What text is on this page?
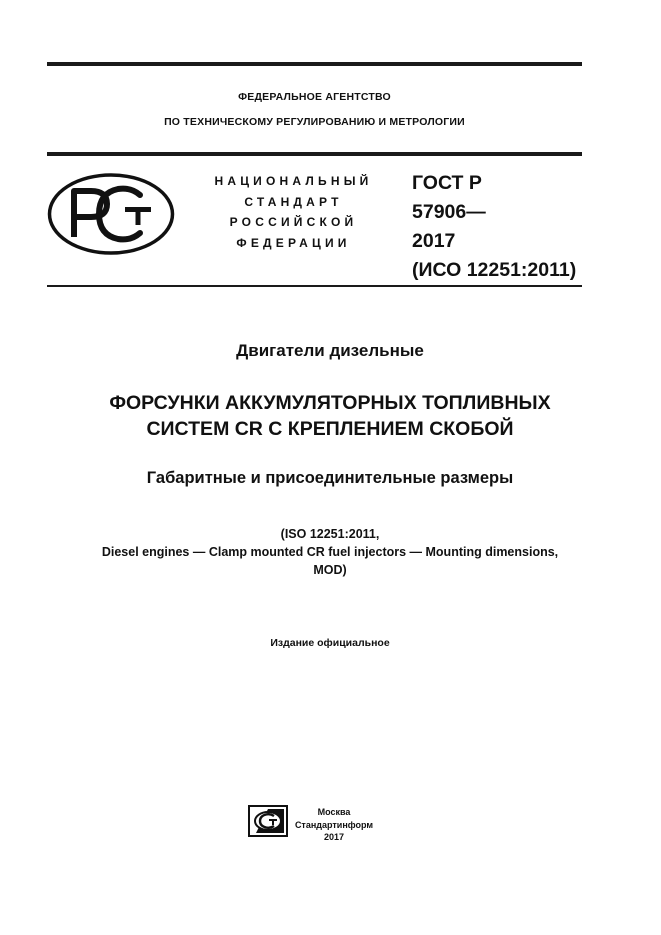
ФЕДЕРАЛЬНОЕ АГЕНТСТВО
ПО ТЕХНИЧЕСКОМУ РЕГУЛИРОВАНИЮ И МЕТРОЛОГИИ
НАЦИОНАЛЬНЫЙ
СТАНДАРТ
РОССИЙСКОЙ
ФЕДЕРАЦИИ
ГОСТ Р
57906—
2017
(ИСО 12251:2011)
Двигатели дизельные
ФОРСУНКИ АККУМУЛЯТОРНЫХ ТОПЛИВНЫХ
СИСТЕМ CR С КРЕПЛЕНИЕМ СКОБОЙ
Габаритные и присоединительные размеры
(ISO 12251:2011,
Diesel engines — Clamp mounted CR fuel injectors — Mounting dimensions,
MOD)
Издание официальное
Москва
Стандартинформ
2017
